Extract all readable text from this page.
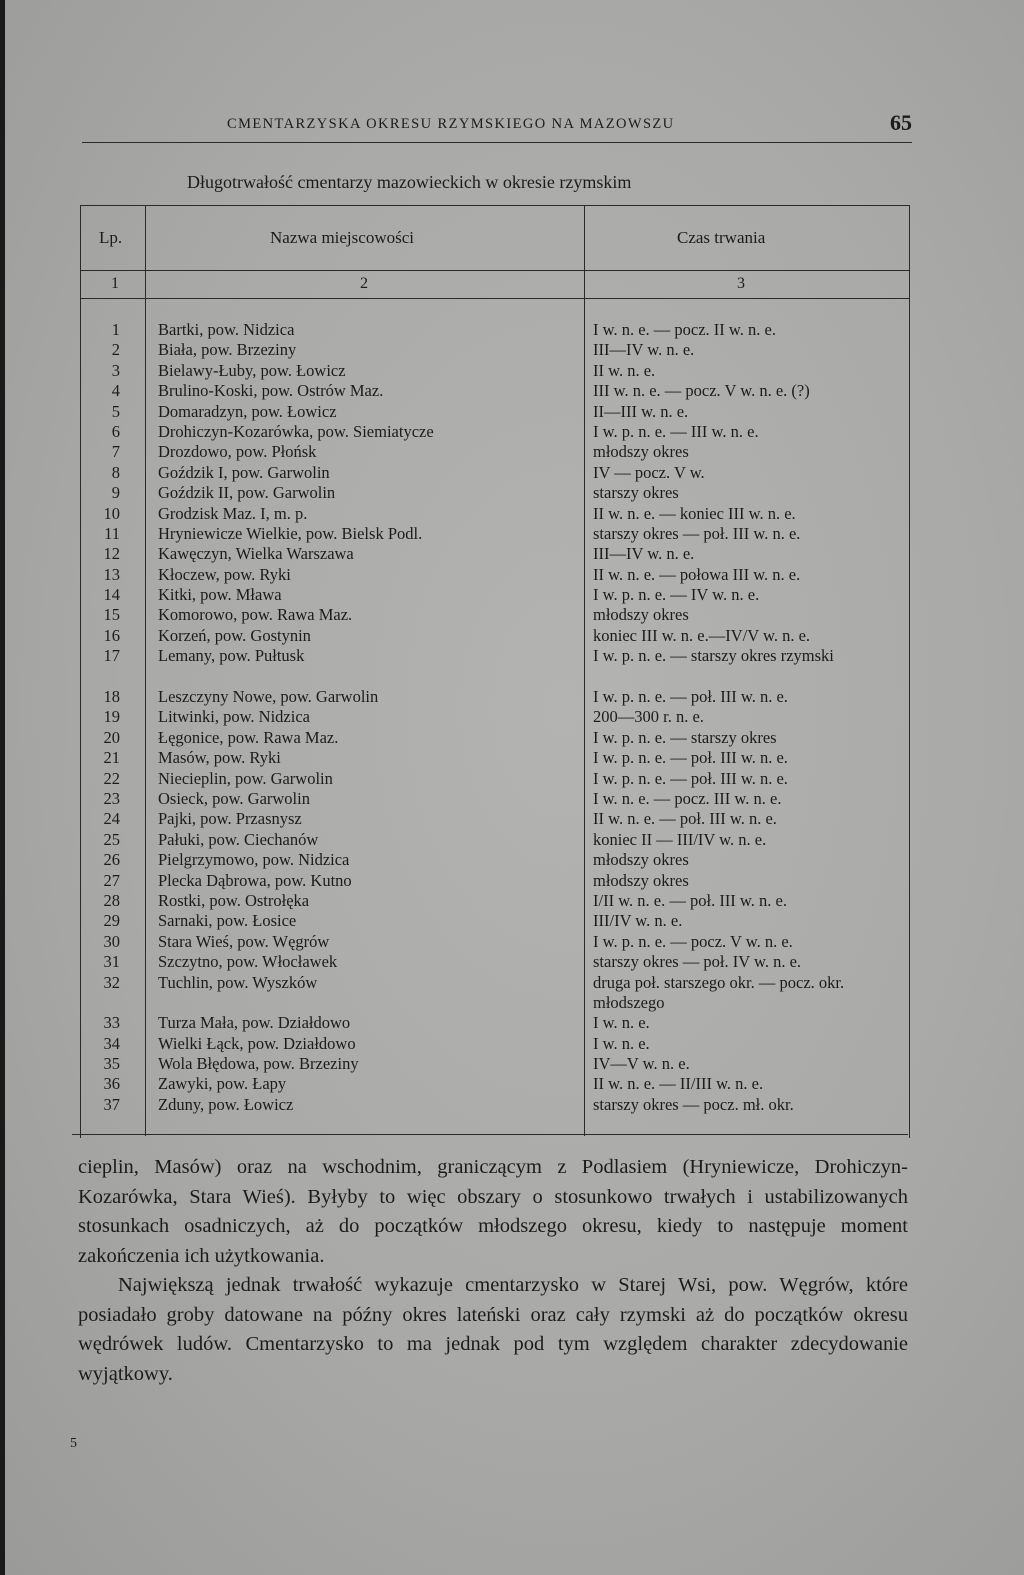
CMENTARZYSKA OKRESU RZYMSKIEGO NA MAZOWSZU	65
Długotrwałość cmentarzy mazowieckich w okresie rzymskim
Lp.	Nazwa miejscowości	Czas trwania
1	2	3
1 Bartki, pow. Nidzica	I w. n. e. — pocz. II w. n. e.
2 Biała, pow. Brzeziny	III—IV w. n. e.
3 Bielawy-Łuby, pow. Łowicz	II w. n. e.
4 Brulino-Koski, pow. Ostrów Maz.	III w. n. e. — pocz. V w. n. e. (?)
5 Domaradzyn, pow. Łowicz	II—III w. n. e.
6 Drohiczyn-Kozarówka, pow. Siemiatycze	I w. p. n. e. — III w. n. e.
7 Drozdowo, pow. Płońsk	młodszy okres
8 Goździk I, pow. Garwolin	IV — pocz. V w.
9 Goździk II, pow. Garwolin	starszy okres
10 Grodzisk Maz. I, m. p.	II w. n. e. — koniec III w. n. e.
11 Hryniewicze Wielkie, pow. Bielsk Podl.	starszy okres — poł. III w. n. e.
12 Kawęczyn, Wielka Warszawa	III—IV w. n. e.
13 Kłoczew, pow. Ryki	II w. n. e. — połowa III w. n. e.
14 Kitki, pow. Mława	I w. p. n. e. — IV w. n. e.
15 Komorowo, pow. Rawa Maz.	młodszy okres
16 Korzeń, pow. Gostynin	koniec III w. n. e.—IV/V w. n. e.
17 Lemany, pow. Pułtusk	I w. p. n. e. — starszy okres rzymski
18 Leszczyny Nowe, pow. Garwolin	I w. p. n. e. — poł. III w. n. e.
19 Litwinki, pow. Nidzica	200—300 r. n. e.
20 Łęgonice, pow. Rawa Maz.	I w. p. n. e. — starszy okres
21 Masów, pow. Ryki	I w. p. n. e. — poł. III w. n. e.
22 Niecieplin, pow. Garwolin	I w. p. n. e. — poł. III w. n. e.
23 Osieck, pow. Garwolin	I w. n. e. — pocz. III w. n. e.
24 Pajki, pow. Przasnysz	II w. n. e. — poł. III w. n. e.
25 Pałuki, pow. Ciechanów	koniec II — III/IV w. n. e.
26 Pielgrzymowo, pow. Nidzica	młodszy okres
27 Plecka Dąbrowa, pow. Kutno	młodszy okres
28 Rostki, pow. Ostrołęka	I/II w. n. e. — poł. III w. n. e.
29 Sarnaki, pow. Łosice	III/IV w. n. e.
30 Stara Wieś, pow. Węgrów	I w. p. n. e. — pocz. V w. n. e.
31 Szczytno, pow. Włocławek	starszy okres — poł. IV w. n. e.
32 Tuchlin, pow. Wyszków	druga poł. starszego okr. — pocz. okr. młodszego
33 Turza Mała, pow. Działdowo	I w. n. e.
34 Wielki Łąck, pow. Działdowo	I w. n. e.
35 Wola Błędowa, pow. Brzeziny	IV—V w. n. e.
36 Zawyki, pow. Łapy	II w. n. e. — II/III w. n. e.
37 Zduny, pow. Łowicz	starszy okres — pocz. mł. okr.

cieplin, Masów) oraz na wschodnim, graniczącym z Podlasiem (Hryniewicze, Drohiczyn-Kozarówka, Stara Wieś). Byłyby to więc obszary o stosunkowo trwałych i ustabilizowanych stosunkach osadniczych, aż do początków młodszego okresu, kiedy to następuje moment zakończenia ich użytkowania.

Największą jednak trwałość wykazuje cmentarzysko w Starej Wsi, pow. Węgrów, które posiadało groby datowane na późny okres lateński oraz cały rzymski aż do początków okresu wędrówek ludów. Cmentarzysko to ma jednak pod tym względem charakter zdecydowanie wyjątkowy.

5
